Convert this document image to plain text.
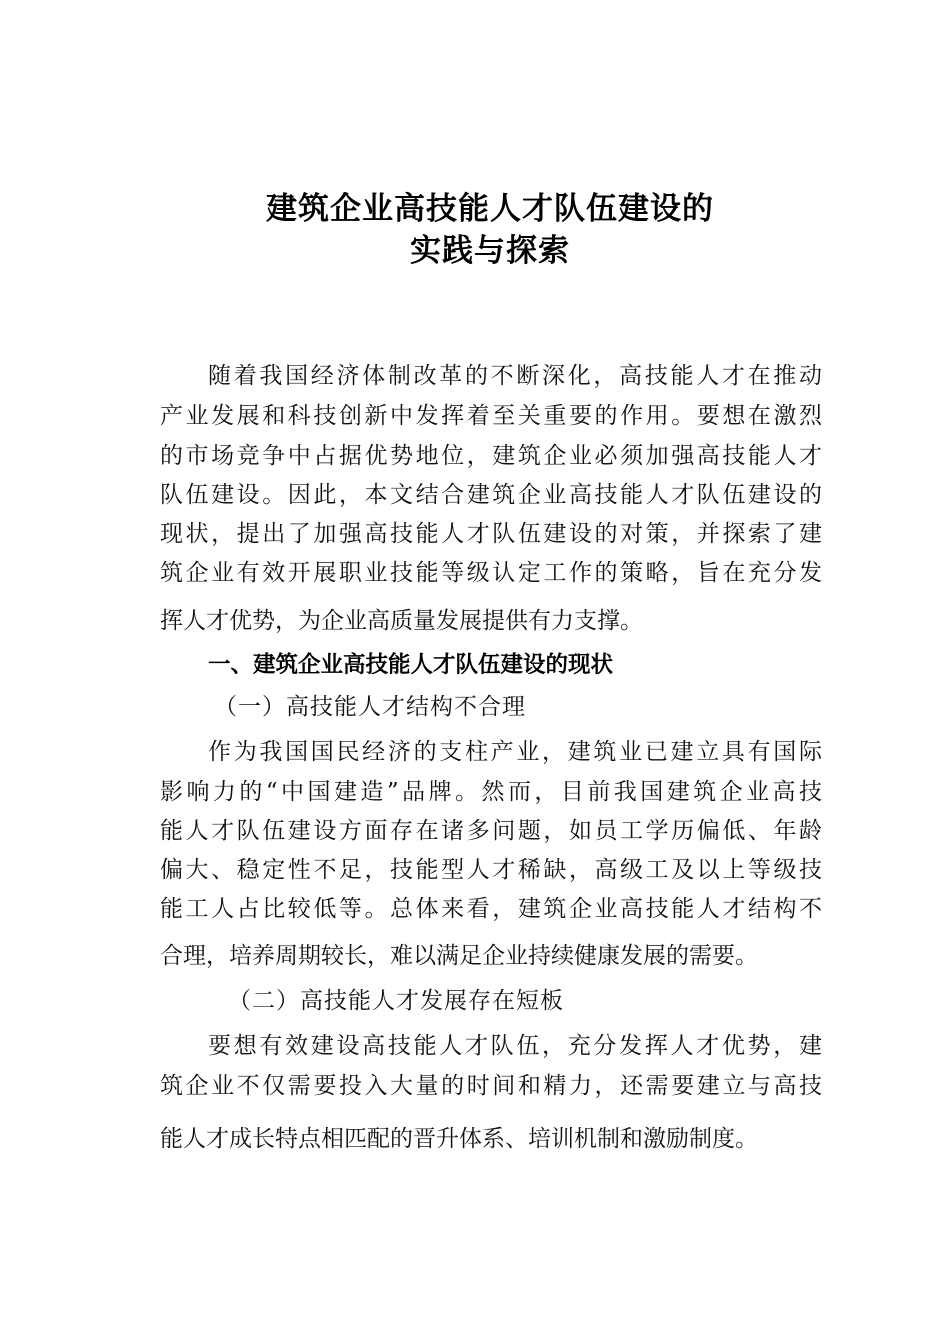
建筑企业高技能人才队伍建设的
实践与探索
随着我国经济体制改革的不断深化，高技能人才在推动
产业发展和科技创新中发挥着至关重要的作用。要想在激烈
的市场竞争中占据优势地位，建筑企业必须加强高技能人才
队伍建设。因此，本文结合建筑企业高技能人才队伍建设的
现状，提出了加强高技能人才队伍建设的对策，并探索了建
筑企业有效开展职业技能等级认定工作的策略，旨在充分发
挥人才优势，为企业高质量发展提供有力支撑。
一、建筑企业高技能人才队伍建设的现状
（一）高技能人才结构不合理
作为我国国民经济的支柱产业，建筑业已建立具有国际
影响力的“中国建造”品牌。然而，目前我国建筑企业高技
能人才队伍建设方面存在诸多问题，如员工学历偏低、年龄
偏大、稳定性不足，技能型人才稀缺，高级工及以上等级技
能工人占比较低等。总体来看，建筑企业高技能人才结构不
合理，培养周期较长，难以满足企业持续健康发展的需要。
（二）高技能人才发展存在短板
要想有效建设高技能人才队伍，充分发挥人才优势，建
筑企业不仅需要投入大量的时间和精力，还需要建立与高技
能人才成长特点相匹配的晋升体系、培训机制和激励制度。
